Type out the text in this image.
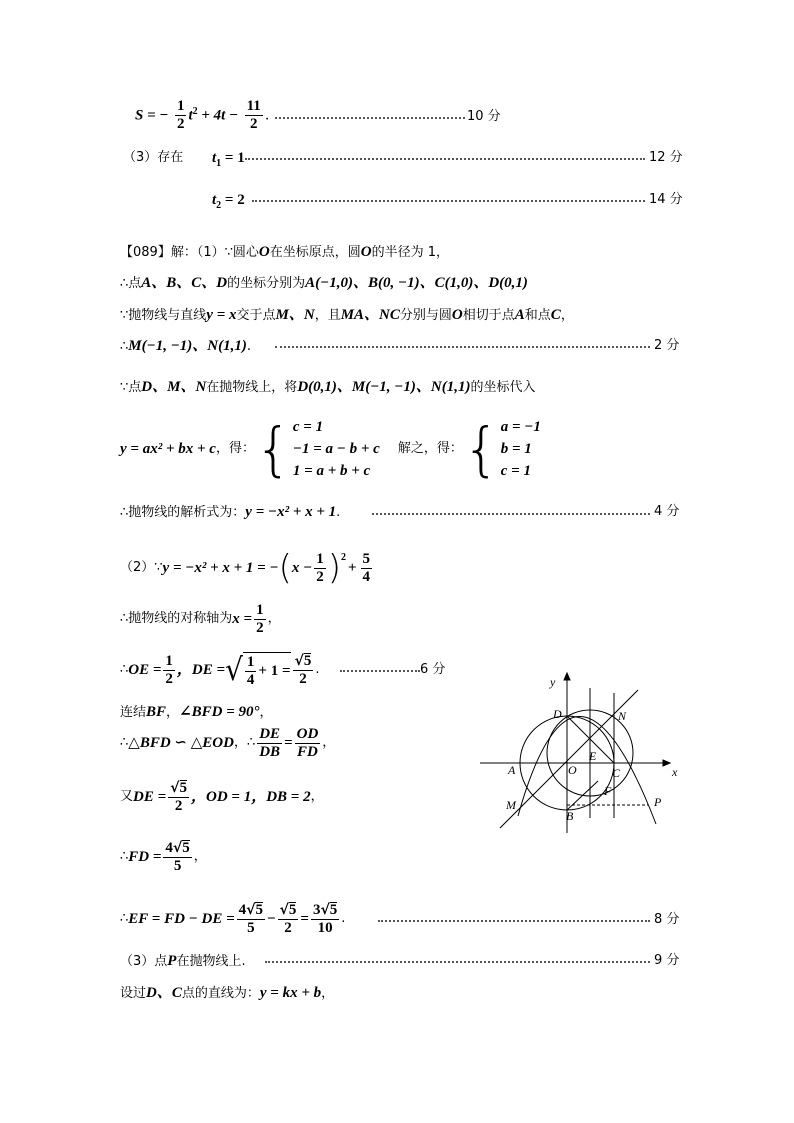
S = − $\frac{1}{2} t^2 + 4t - \frac{11}{2}$ .	10 分
（3）存在 $t_1 = 1$	12 分
$t_2 = 2$	14 分
【089】解：（1）∵圆心O在坐标原点，圆O的半径为 1，
∴点A、B、C、D的坐标分别为A(−1,0)、B(0, −1)、C(1,0)、D(0,1)
∵抛物线与直线y = x交于点M、N，且MA、NC分别与圆O相切于点A和点C，
∴M(−1, −1)、N(1,1).	2 分
∵点D、M、N在抛物线上，将D(0,1)、M(−1, −1)、N(1,1)的坐标代入
y = ax² + bx + c ，得： { c = 1
−1 = a − b + c
1 = a + b + c
解之，得： { a = −1
b = 1
c = 1
∴抛物线的解析式为：y = −x² + x + 1.	4 分
（2）∵ y = −x² + x + 1 = − ( $x - \frac{1}{2} )^2$
+ $\frac{5}{4}$
∴抛物线的对称轴为 $x = \frac{1}{2}$ ，
∴ OE = $\frac{1}{2}$ ，DE = √ $\frac{1}{4} + 1 = \frac{√ 5}{2}$ .	6 分
连结BF，∠BFD = 90°，
∴ △BFD ∽ △EOD ，∴ $\frac{DE}{DB} = \frac{OD}{FD}$ ，
又 DE = $\frac{√ 5}{2}$ ，OD = 1，DB = 2 ，
∴ FD = $\frac{4 √ 5}{5}$ ，
∴ EF = FD − DE = $\frac{4 √ 5}{5} - \frac{√ 5}{2} = \frac{3 √ 5}{10}$ .	8 分
（3）点P在抛物线上.	9 分
设过D、C点的直线为：y = kx + b，
y
x
D	N
O
E
A	C
F
M
B
P
